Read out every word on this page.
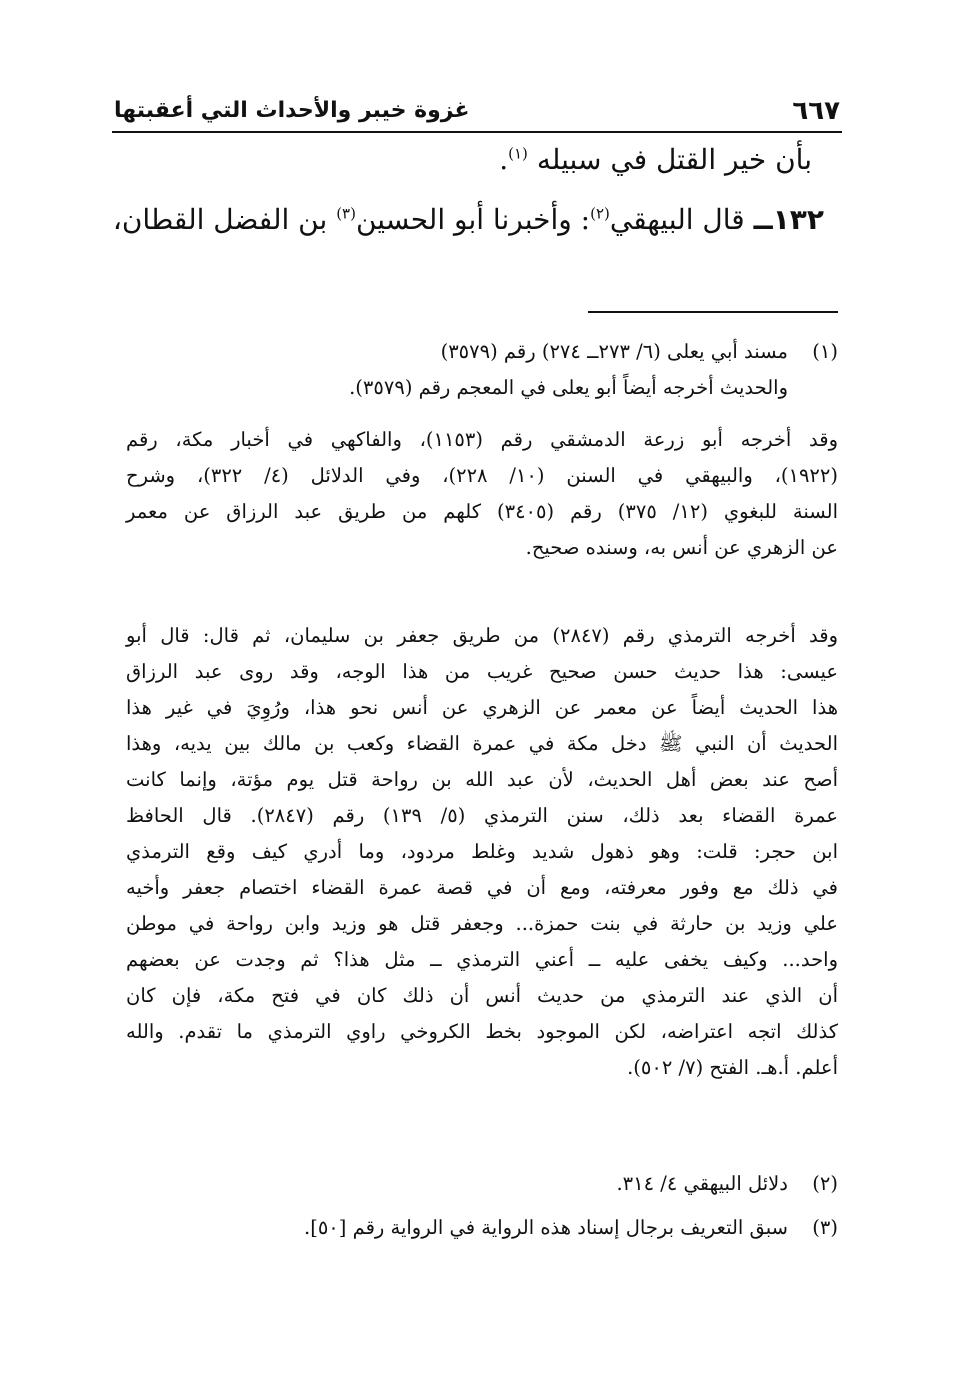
٦٦٧
غزوة خيبر والأحداث التي أعقبتها
بأن خير القتل في سبيله $^{(١)}$.
١٣٢ــ قال البيهقي$^{(٢)}$: وأخبرنا أبو الحسين$^{(٣)}$ بن الفضل القطان،
(١)
مسند أبي يعلى (٦/ ٢٧٣ــ ٢٧٤) رقم (٣٥٧٩)
والحديث أخرجه أيضاً أبو يعلى في المعجم رقم (٣٥٧٩).
وقد أخرجه أبو زرعة الدمشقي رقم (١١٥٣)، والفاكهي في أخبار مكة، رقم
(١٩٢٢)، والبيهقي في السنن (١٠/ ٢٢٨)، وفي الدلائل (٤/ ٣٢٢)، وشرح
السنة للبغوي (١٢/ ٣٧٥) رقم (٣٤٠٥) كلهم من طريق عبد الرزاق عن معمر
عن الزهري عن أنس به، وسنده صحيح.
وقد أخرجه الترمذي رقم (٢٨٤٧) من طريق جعفر بن سليمان، ثم قال: قال أبو
عيسى: هذا حديث حسن صحيح غريب من هذا الوجه، وقد روى عبد الرزاق
هذا الحديث أيضاً عن معمر عن الزهري عن أنس نحو هذا، ورُوِيَ في غير هذا
الحديث أن النبي ﷺ دخل مكة في عمرة القضاء وكعب بن مالك بين يديه، وهذا
أصح عند بعض أهل الحديث، لأن عبد الله بن رواحة قتل يوم مؤتة، وإنما كانت
عمرة القضاء بعد ذلك، سنن الترمذي (٥/ ١٣٩) رقم (٢٨٤٧). قال الحافظ
ابن حجر: قلت: وهو ذهول شديد وغلط مردود، وما أدري كيف وقع الترمذي
في ذلك مع وفور معرفته، ومع أن في قصة عمرة القضاء اختصام جعفر وأخيه
علي وزيد بن حارثة في بنت حمزة... وجعفر قتل هو وزيد وابن رواحة في موطن
واحد... وكيف يخفى عليه ــ أعني الترمذي ــ مثل هذا؟ ثم وجدت عن بعضهم
أن الذي عند الترمذي من حديث أنس أن ذلك كان في فتح مكة، فإن كان
كذلك اتجه اعتراضه، لكن الموجود بخط الكروخي راوي الترمذي ما تقدم. والله
أعلم. أ.هـ. الفتح (٧/ ٥٠٢).
(٢)
دلائل البيهقي ٤/ ٣١٤.
(٣)
سبق التعريف برجال إسناد هذه الرواية في الرواية رقم [٥٠].
